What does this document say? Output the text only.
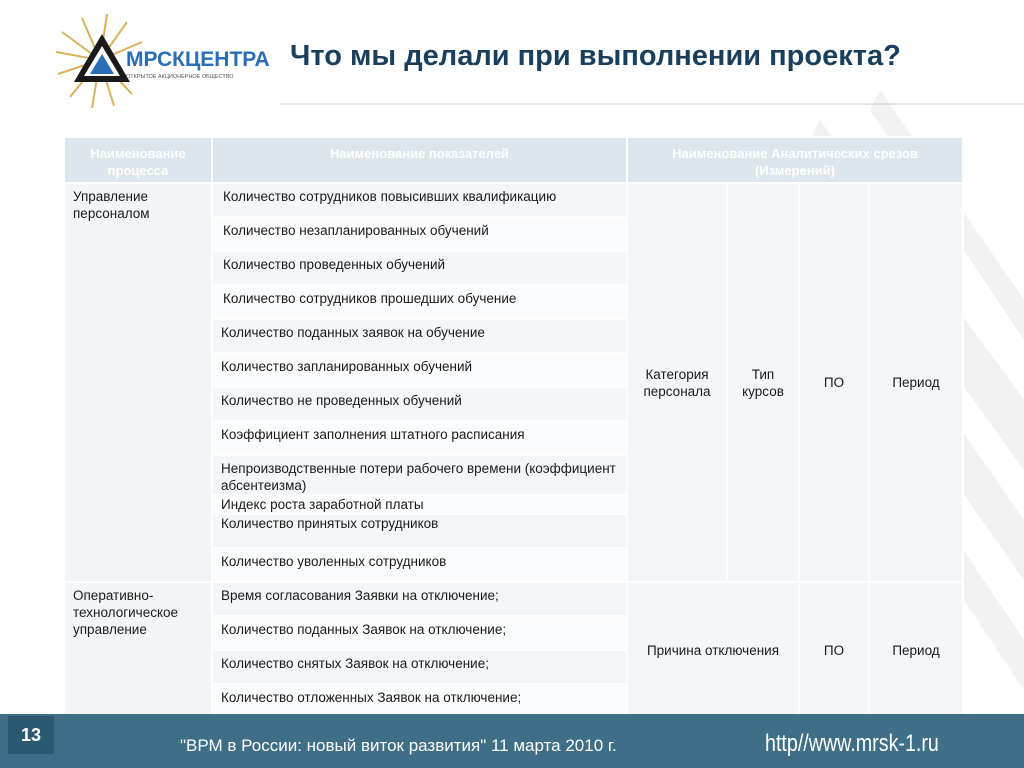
МРСКЦЕНТРА
ОТКРЫТОЕ АКЦИОНЕРНОЕ ОБЩЕСТВО
Что мы делали при выполнении проекта?
Наименование процесса	Наименование показателей	Наименование Аналитических срезов (Измерений)			
Управление персоналом	Количество сотрудников повысивших квалификацию	Категория персонала	Тип курсов	ПО	Период
	Количество незапланированных обучений				
	Количество проведенных обучений				
	Количество сотрудников прошедших обучение				
	Количество поданных заявок на обучение				
	Количество запланированных обучений				
	Количество не проведенных обучений				
	Коэффициент заполнения штатного расписания				
	Непроизводственные потери рабочего времени (коэффициент абсентеизма)				
	Индекс роста заработной платы				
	Количество принятых сотрудников				
	Количество уволенных сотрудников				
Оперативно-технологическое управление	Время согласования Заявки на отключение;	Причина отключения		ПО	Период
	Количество поданных Заявок на отключение;				
	Количество снятых Заявок на отключение;				
	Количество отложенных Заявок на отключение;				
13
"ВРМ в России: новый виток развития" 11 марта 2010 г.	http//www.mrsk-1.ru
